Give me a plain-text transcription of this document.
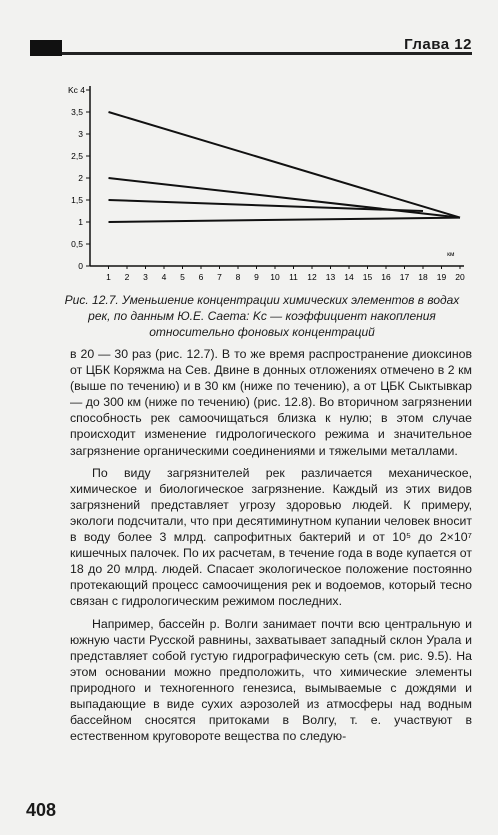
Глава 12
0
0,5
1
1,5
2
2,5
3
3,5
Kc 4
1 2 3 4 5 6 7 8 9 10 11 12 13 14 15 16 17 18 19 20
км
Рис. 12.7. Уменьшение концентрации химических элементов в водах рек, по данным Ю.Е. Саета: Kc — коэффициент накопления относительно фоновых концентраций

в 20 — 30 раз (рис. 12.7). В то же время распространение диоксинов от ЦБК Коряжма на Сев. Двине в донных отложениях отмечено в 2 км (выше по течению) и в 30 км (ниже по течению), а от ЦБК Сыктывкар — до 300 км (ниже по течению) (рис. 12.8). Во вторичном загрязнении способность рек самоочищаться близка к нулю; в этом случае происходит изменение гидрологического режима и значительное загрязнение органическими соединениями и тяжелыми металлами.

По виду загрязнителей рек различается механическое, химическое и биологическое загрязнение. Каждый из этих видов загрязнений представляет угрозу здоровью людей. К примеру, экологи подсчитали, что при десятиминутном купании человек вносит в воду более 3 млрд. сапрофитных бактерий и от 10⁵ до 2×10⁷ кишечных палочек. По их расчетам, в течение года в воде купается от 18 до 20 млрд. людей. Спасает экологическое положение постоянно протекающий процесс самоочищения рек и водоемов, который тесно связан с гидрологическим режимом последних.

Например, бассейн р. Волги занимает почти всю центральную и южную части Русской равнины, захватывает западный склон Урала и представляет собой густую гидрографическую сеть (см. рис. 9.5). На этом основании можно предположить, что химические элементы природного и техногенного генезиса, вымываемые с дождями и выпадающие в виде сухих аэрозолей из атмосферы над водным бассейном сносятся притоками в Волгу, т. е. участвуют в естественном круговороте вещества по следую-

408
